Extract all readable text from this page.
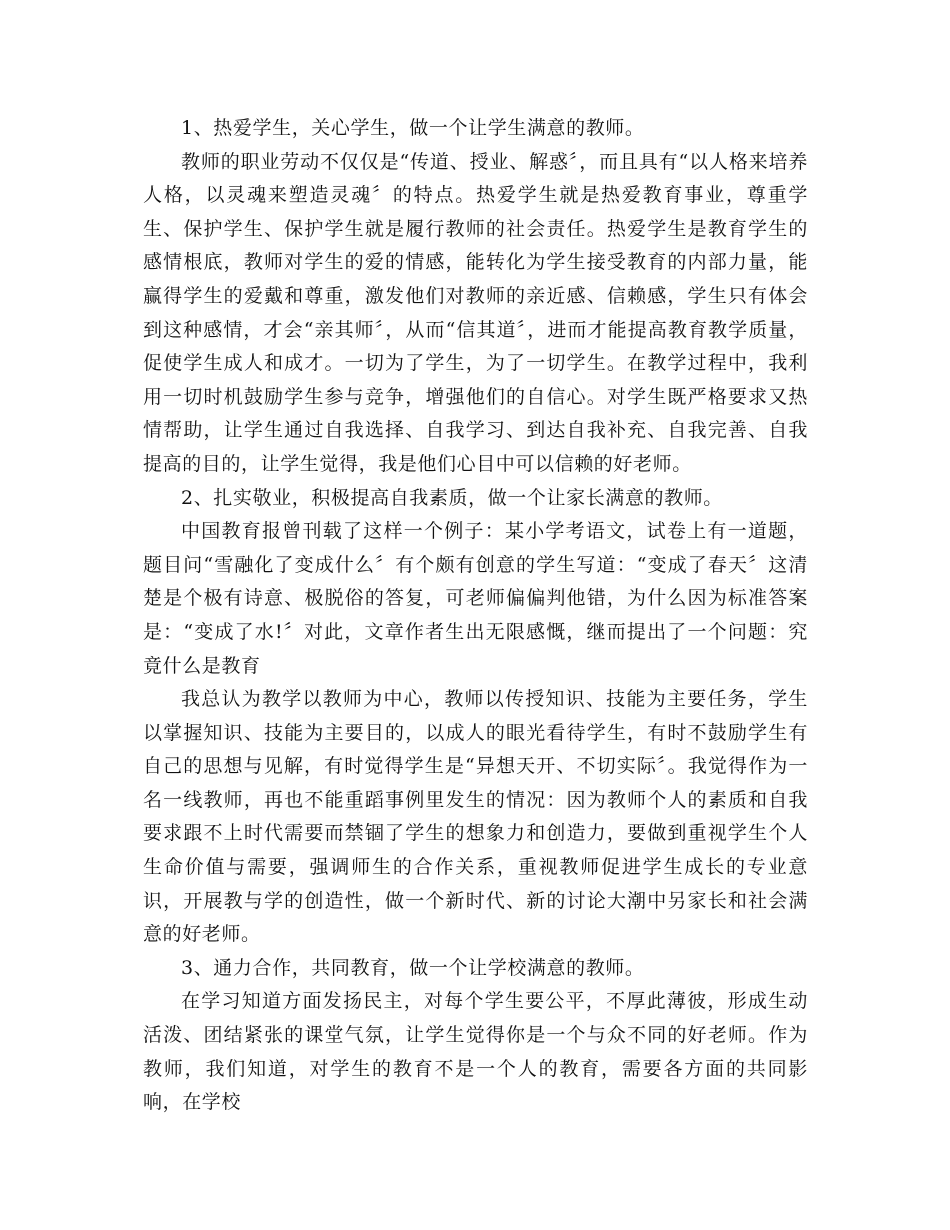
1、热爱学生，关心学生，做一个让学生满意的教师。

教师的职业劳动不仅仅是“传道、授业、解惑〞，而且具有“以人格来培养人格，以灵魂来塑造灵魂〞的特点。热爱学生就是热爱教育事业，尊重学生、保护学生、保护学生就是履行教师的社会责任。热爱学生是教育学生的感情根底，教师对学生的爱的情感，能转化为学生接受教育的内部力量，能赢得学生的爱戴和尊重，激发他们对教师的亲近感、信赖感，学生只有体会到这种感情，才会“亲其师〞，从而“信其道〞，进而才能提高教育教学质量，促使学生成人和成才。一切为了学生，为了一切学生。在教学过程中，我利用一切时机鼓励学生参与竞争，增强他们的自信心。对学生既严格要求又热情帮助，让学生通过自我选择、自我学习、到达自我补充、自我完善、自我提高的目的，让学生觉得，我是他们心目中可以信赖的好老师。

2、扎实敬业，积极提高自我素质，做一个让家长满意的教师。

中国教育报曾刊载了这样一个例子：某小学考语文，试卷上有一道题，题目问“雪融化了变成什么〞有个颇有创意的学生写道：“变成了春天〞这清楚是个极有诗意、极脱俗的答复，可老师偏偏判他错，为什么因为标准答案是：“变成了水!〞对此，文章作者生出无限感慨，继而提出了一个问题：究竟什么是教育

我总认为教学以教师为中心，教师以传授知识、技能为主要任务，学生以掌握知识、技能为主要目的，以成人的眼光看待学生，有时不鼓励学生有自己的思想与见解，有时觉得学生是“异想天开、不切实际〞。我觉得作为一名一线教师，再也不能重蹈事例里发生的情况：因为教师个人的素质和自我要求跟不上时代需要而禁锢了学生的想象力和创造力，要做到重视学生个人生命价值与需要，强调师生的合作关系，重视教师促进学生成长的专业意识，开展教与学的创造性，做一个新时代、新的讨论大潮中另家长和社会满意的好老师。

3、通力合作，共同教育，做一个让学校满意的教师。

在学习知道方面发扬民主，对每个学生要公平，不厚此薄彼，形成生动活泼、团结紧张的课堂气氛，让学生觉得你是一个与众不同的好老师。作为教师，我们知道，对学生的教育不是一个人的教育，需要各方面的共同影响，在学校
